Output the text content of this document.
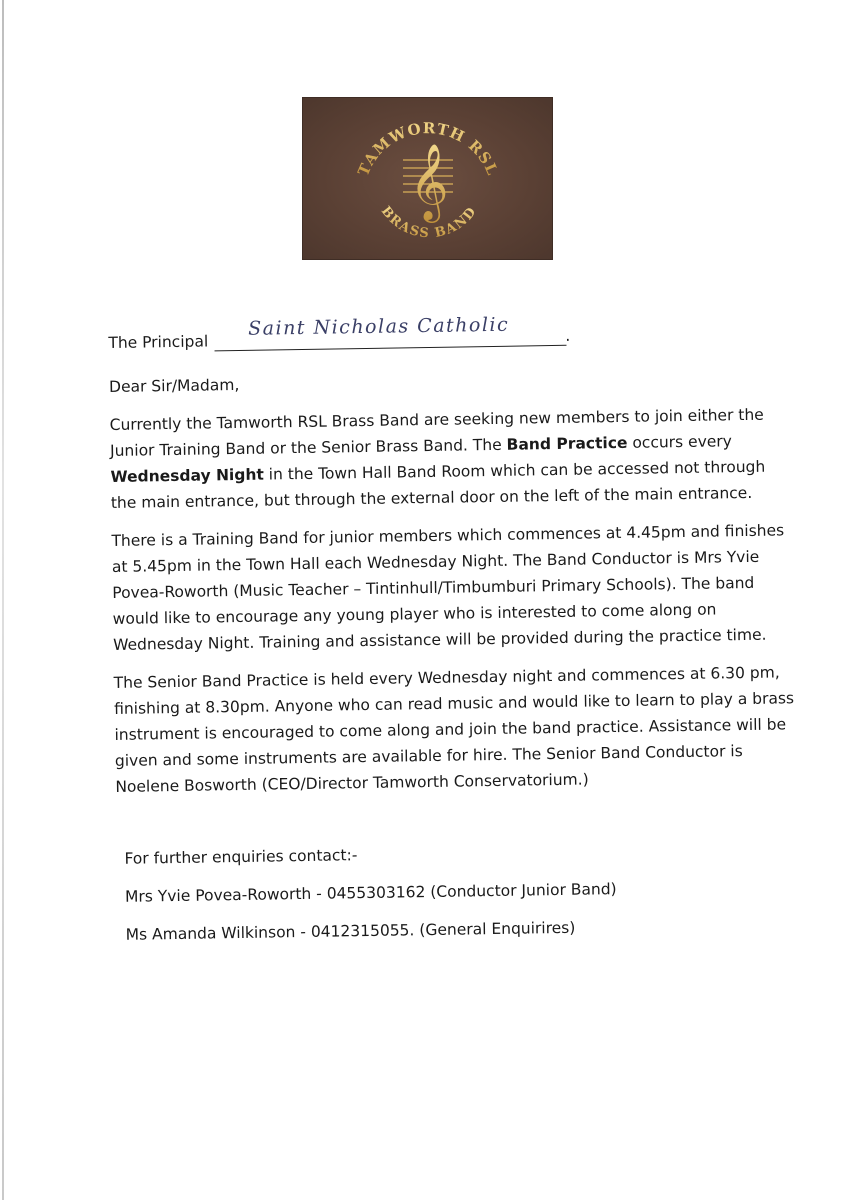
TAMWORTH RSL
BRASS BAND
𝄞
The Principal
Saint Nicholas Catholic	.
Dear Sir/Madam,

Currently the Tamworth RSL Brass Band are seeking new members to join either the Junior Training Band or the Senior Brass Band. The Band Practice occurs every Wednesday Night in the Town Hall Band Room which can be accessed not through the main entrance, but through the external door on the left of the main entrance.

There is a Training Band for junior members which commences at 4.45pm and finishes at 5.45pm in the Town Hall each Wednesday Night. The Band Conductor is Mrs Yvie Povea-Roworth (Music Teacher – Tintinhull/Timbumburi Primary Schools). The band would like to encourage any young player who is interested to come along on Wednesday Night. Training and assistance will be provided during the practice time.

The Senior Band Practice is held every Wednesday night and commences at 6.30 pm, finishing at 8.30pm. Anyone who can read music and would like to learn to play a brass instrument is encouraged to come along and join the band practice. Assistance will be given and some instruments are available for hire. The Senior Band Conductor is Noelene Bosworth (CEO/Director Tamworth Conservatorium.)

For further enquiries contact:-
Mrs Yvie Povea-Roworth - 0455303162 (Conductor Junior Band)
Ms Amanda Wilkinson - 0412315055. (General Enquirires)
